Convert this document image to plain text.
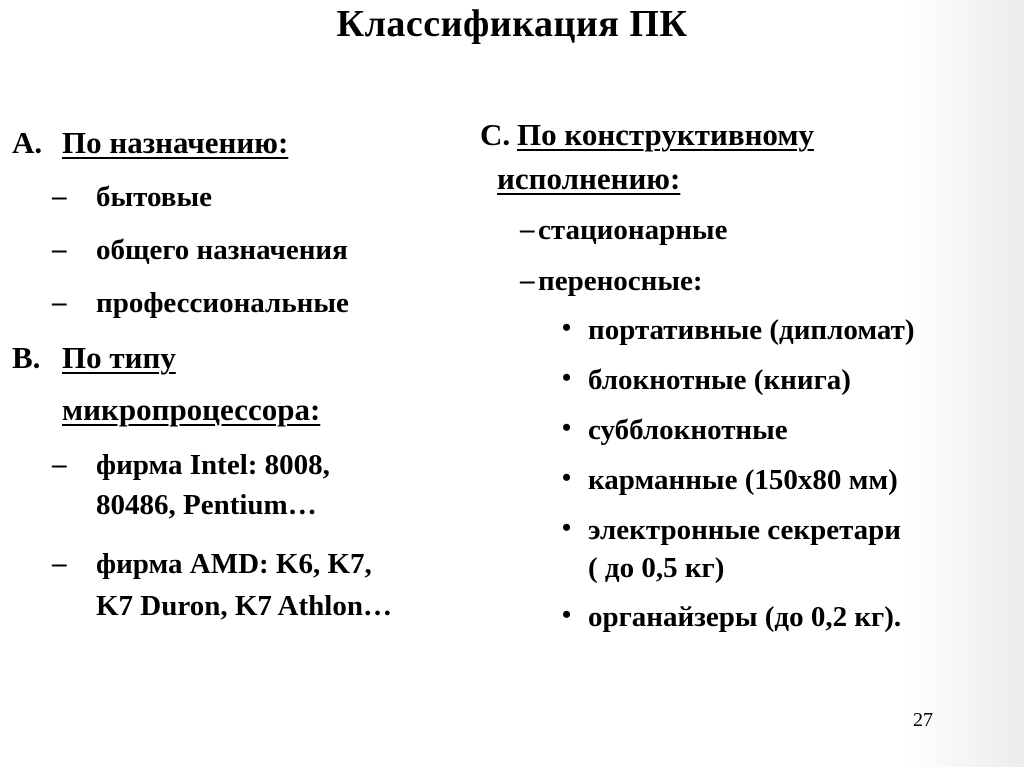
Классификация ПК
A. По назначению:
– бытовые
– общего назначения
– профессиональные
B. По типу
микропроцессора:
– фирма Intel: 8008,
80486, Pentium…
– фирма AMD: K6, K7,
K7 Duron, K7 Athlon…
C. По конструктивному
исполнению:
– стационарные
– переносные:
• портативные (дипломат)
• блокнотные (книга)
• субблокнотные
• карманные (150х80 мм)
• электронные секретари
( до 0,5 кг)
• органайзеры (до 0,2 кг).
27
